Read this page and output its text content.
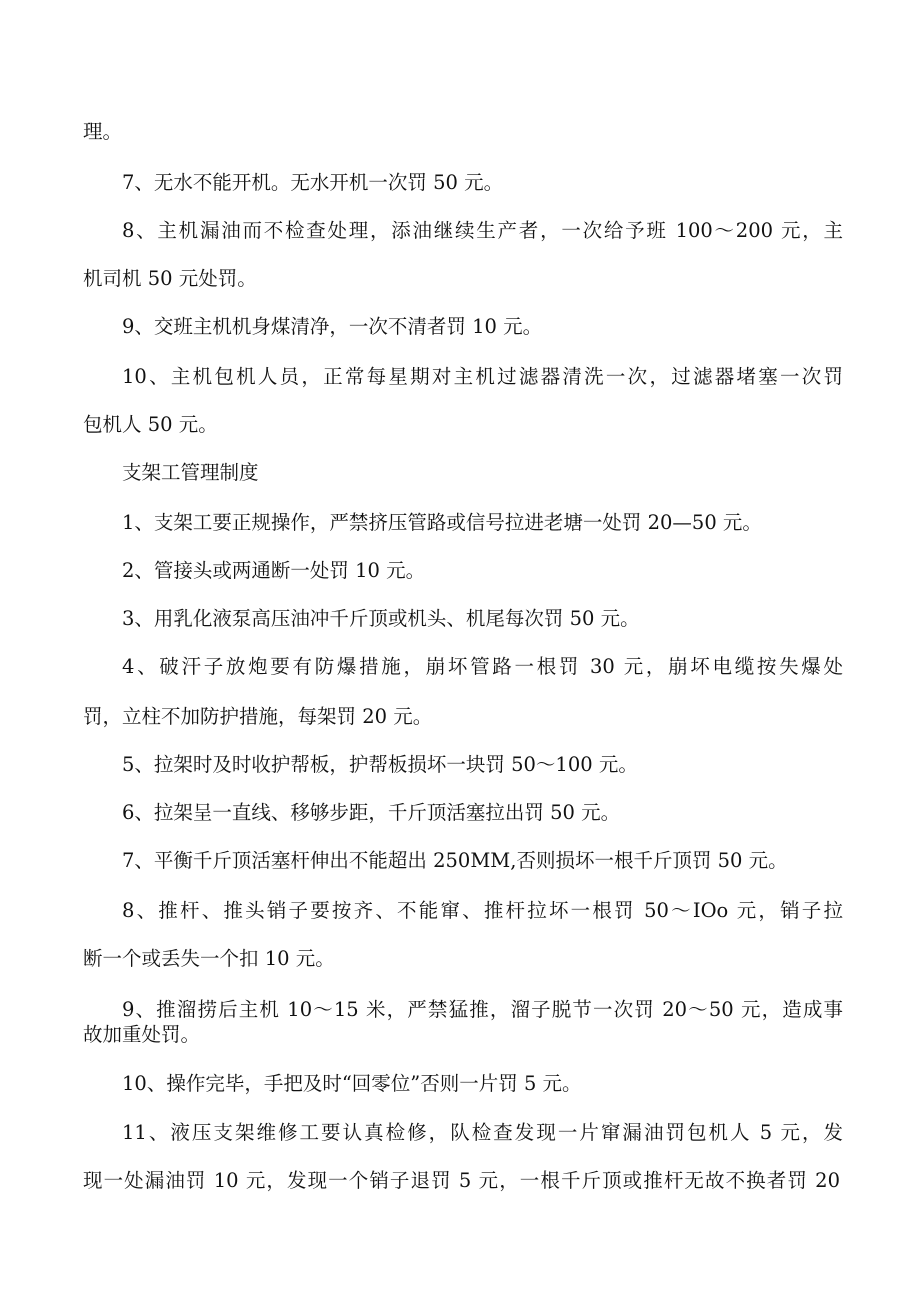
理。
7、无水不能开机。无水开机一次罚 50 元。
8、主机漏油而不检查处理，添油继续生产者，一次给予班 100～200 元，主
机司机 50 元处罚。
9、交班主机机身煤清净，一次不清者罚 10 元。
10、主机包机人员，正常每星期对主机过滤器清洗一次，过滤器堵塞一次罚
包机人 50 元。
支架工管理制度
1、支架工要正规操作，严禁挤压管路或信号拉进老塘一处罚 20—50 元。
2、管接头或两通断一处罚 10 元。
3、用乳化液泵高压油冲千斤顶或机头、机尾每次罚 50 元。
4、破汗子放炮要有防爆措施，崩坏管路一根罚 30 元，崩坏电缆按失爆处
罚，立柱不加防护措施，每架罚 20 元。
5、拉架时及时收护帮板，护帮板损坏一块罚 50～100 元。
6、拉架呈一直线、移够步距，千斤顶活塞拉出罚 50 元。
7、平衡千斤顶活塞杆伸出不能超出 250MM,否则损坏一根千斤顶罚 50 元。
8、推杆、推头销子要按齐、不能窜、推杆拉坏一根罚 50～IOo 元，销子拉
断一个或丢失一个扣 10 元。
9、推溜捞后主机 10～15 米，严禁猛推，溜子脱节一次罚 20～50 元，造成事
故加重处罚。
10、操作完毕，手把及时“回零位”否则一片罚 5 元。
11、液压支架维修工要认真检修，队检查发现一片窜漏油罚包机人 5 元，发
现一处漏油罚 10 元，发现一个销子退罚 5 元，一根千斤顶或推杆无故不换者罚 20
